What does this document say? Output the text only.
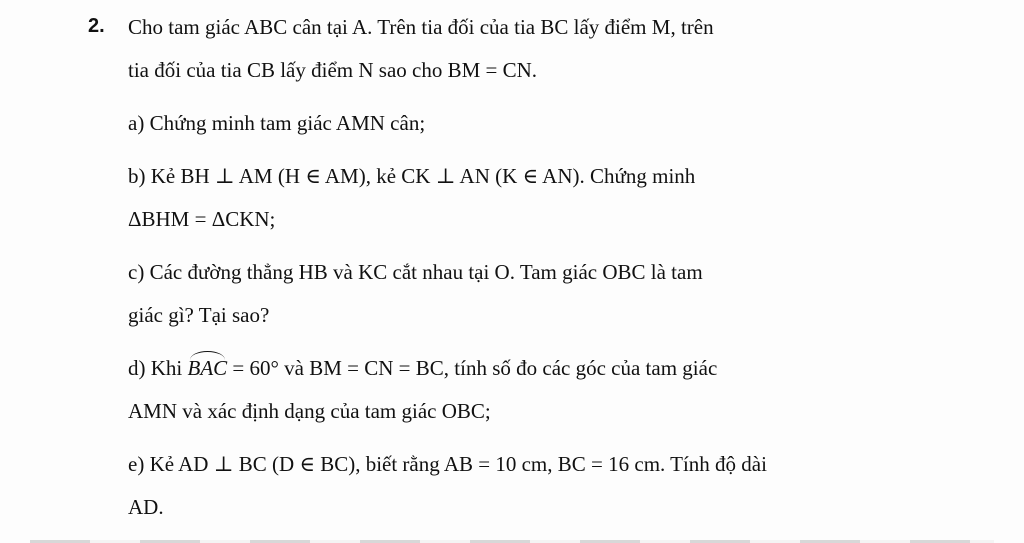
2. Cho tam giác ABC cân tại A. Trên tia đối của tia BC lấy điểm M, trên
tia đối của tia CB lấy điểm N sao cho BM = CN.
a) Chứng minh tam giác AMN cân;
b) Kẻ BH ⊥ AM (H ∈ AM), kẻ CK ⊥ AN (K ∈ AN). Chứng minh
ΔBHM = ΔCKN;
c) Các đường thẳng HB và KC cắt nhau tại O. Tam giác OBC là tam
giác gì? Tại sao?
d) Khi BAC = 60° và BM = CN = BC, tính số đo các góc của tam giác
AMN và xác định dạng của tam giác OBC;
e) Kẻ AD ⊥ BC (D ∈ BC), biết rằng AB = 10 cm, BC = 16 cm. Tính độ dài
AD.
